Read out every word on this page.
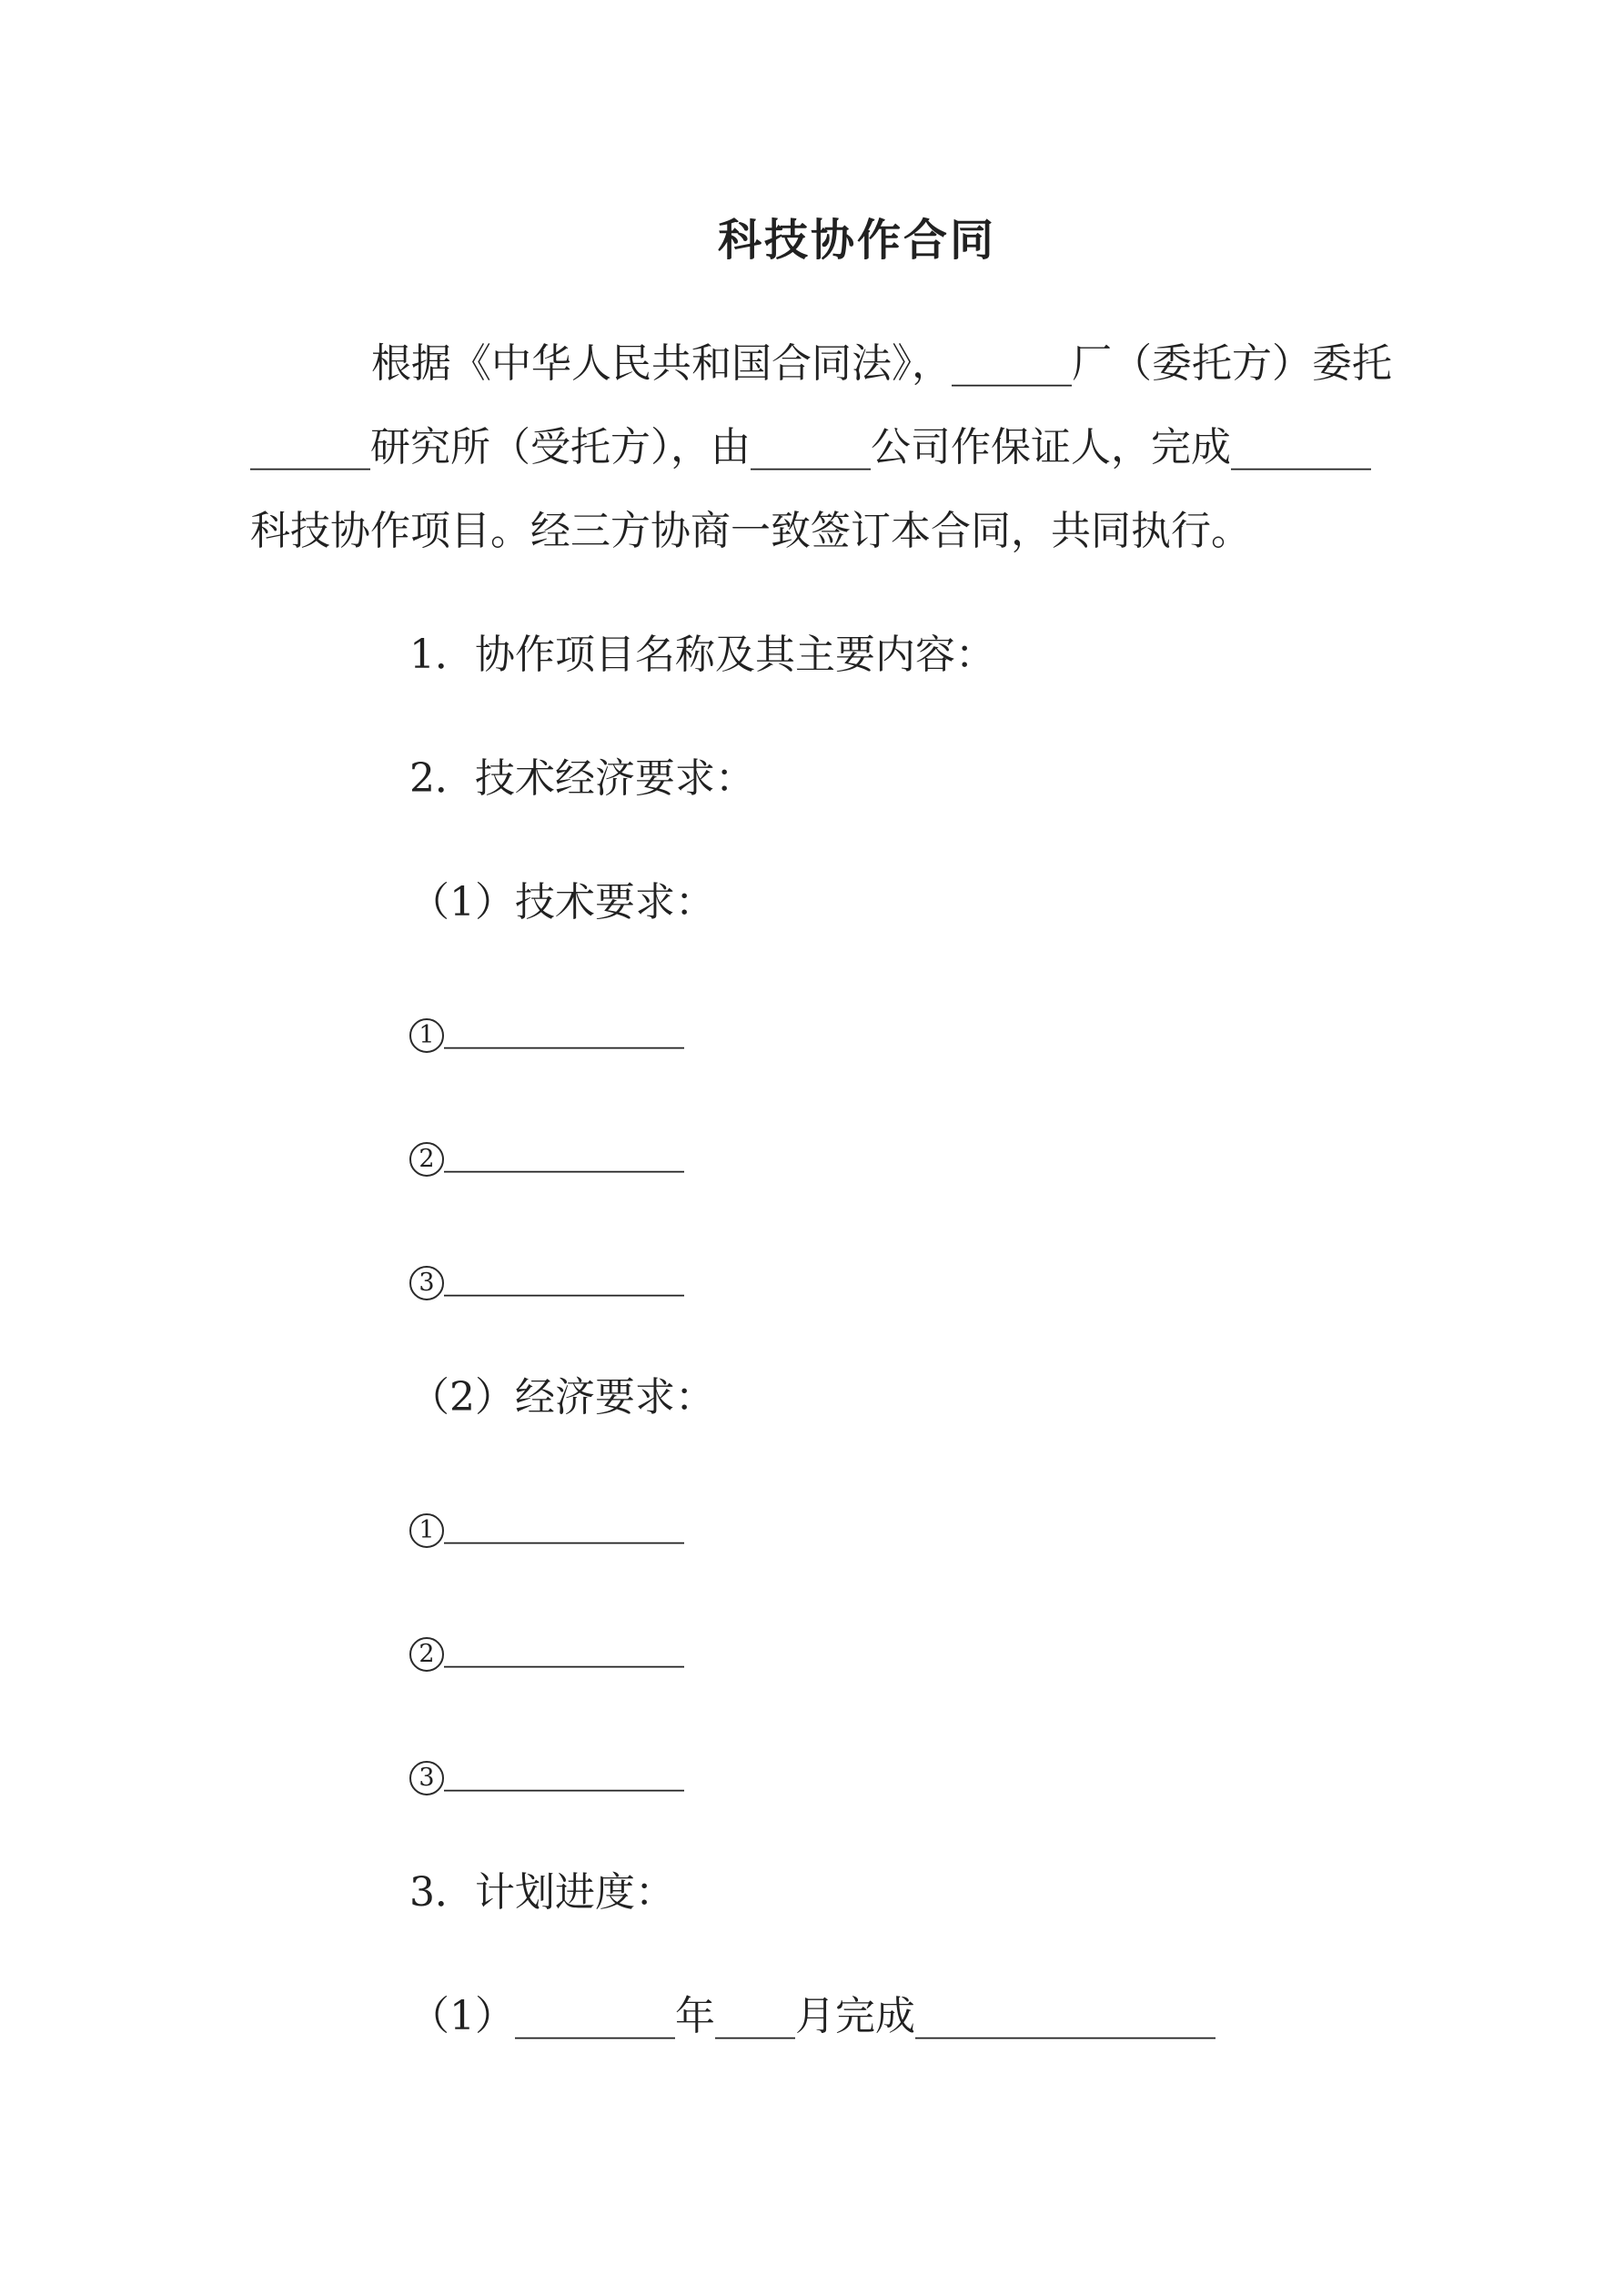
科技协作合同
根据《中华人民共和国合同法》，______厂（委托方）委托
______研究所（受托方），由______公司作保证人，完成_______
科技协作项目。经三方协商一致签订本合同，共同执行。
1．协作项目名称及其主要内容：
2．技术经济要求：
（1）技术要求：
1 ____________
2 ____________
3 ____________
（2）经济要求：
1 ____________
2 ____________
3 ____________
3．计划进度：
（1）________年____月完成_______________
